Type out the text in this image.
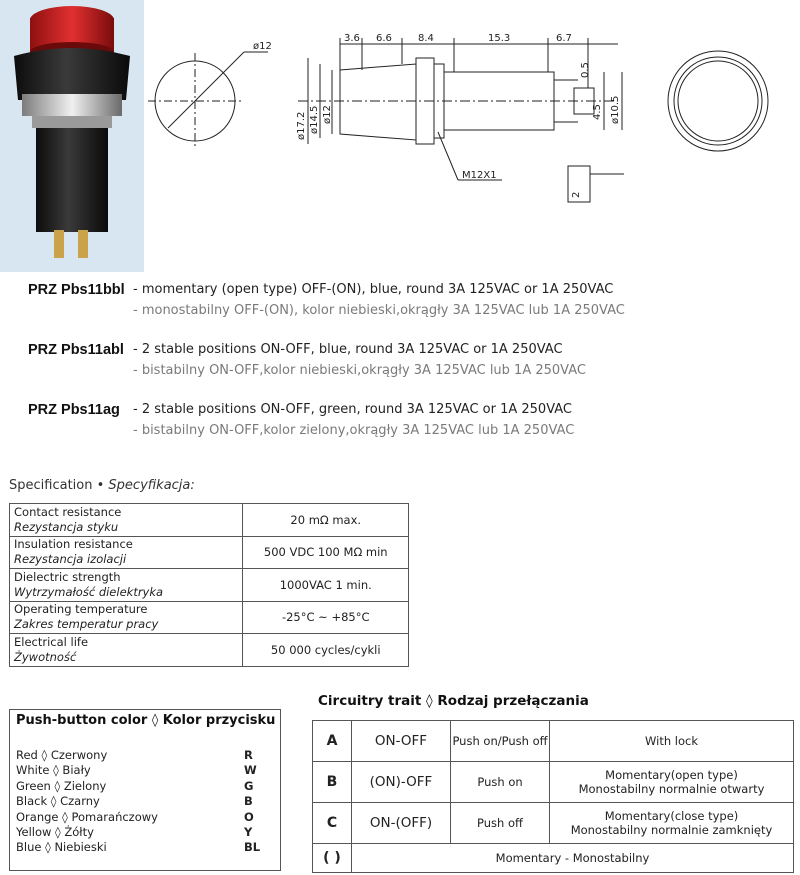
ø12
3.6 6.6	8.4	15.3	6.7
ø17.2 ø14.5 ø12
0.5
4.5 ø10.5
M12X1
2
PRZ Pbs11bbl - momentary (open type) OFF-(ON), blue, round 3A 125VAC or 1A 250VAC
- monostabilny OFF-(ON), kolor niebieski,okrągły 3A 125VAC lub 1A 250VAC
PRZ Pbs11abl - 2 stable positions ON-OFF, blue, round 3A 125VAC or 1A 250VAC
- bistabilny ON-OFF,kolor niebieski,okrągły 3A 125VAC lub 1A 250VAC
PRZ Pbs11ag - 2 stable positions ON-OFF, green, round 3A 125VAC or 1A 250VAC
- bistabilny ON-OFF,kolor zielony,okrągły 3A 125VAC lub 1A 250VAC
Specification • Specyfikacja:
Contact resistance
Rezystancja styku	20 mΩ max.
Insulation resistance
Rezystancja izolacji	500 VDC 100 MΩ min
Dielectric strength
Wytrzymałość dielektryka	1000VAC 1 min.
Operating temperature
Zakres temperatur pracy	-25°C ~ +85°C
Electrical life
Żywotność	50 000 cycles/cykli
Push-button color ◊ Kolor przycisku
Red ◊ Czerwony	R
White ◊ Biały	W
Green ◊ Zielony	G
Black ◊ Czarny	B
Orange ◊ Pomarańczowy	O
Yellow ◊ Żółty	Y
Blue ◊ Niebieski	BL
Circuitry trait ◊ Rodzaj przełączania
A	ON-OFF	Push on/Push off	With lock

B	(ON)-OFF	Push on	Momentary(open type)
Monostabilny normalnie otwarty

C	ON-(OFF)	Push off	Momentary(close type)
Monostabilny normalnie zamknięty

( )	Momentary - Monostabilny		
